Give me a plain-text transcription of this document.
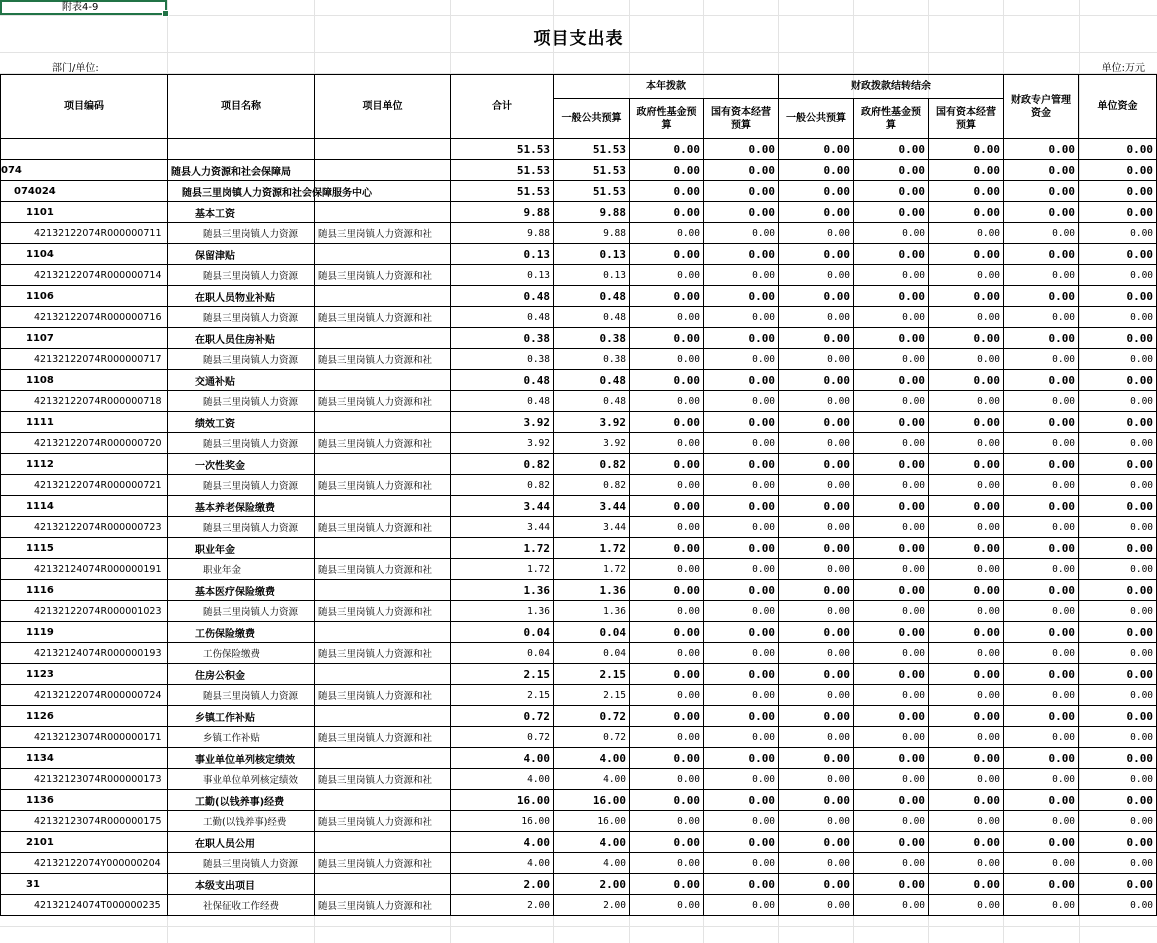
附表4-9
项目支出表
部门/单位:	单位:万元
项目编码	项目名称	项目单位	合计	本年拨款			财政拨款结转结余			财政专户管理资金	单位资金
				一般公共预算	政府性基金预算	国有资本经营预算	一般公共预算	政府性基金预算	国有资本经营预算		
			51.53	51.53	0.00	0.00	0.00	0.00	0.00	0.00	0.00
074	随县人力资源和社会保障局		51.53	51.53	0.00	0.00	0.00	0.00	0.00	0.00	0.00
074024	随县三里岗镇人力资源和社会保障服务中心		51.53	51.53	0.00	0.00	0.00	0.00	0.00	0.00	0.00
1101	基本工资		9.88	9.88	0.00	0.00	0.00	0.00	0.00	0.00	0.00
42132122074R000000711	随县三里岗镇人力资源	随县三里岗镇人力资源和社	9.88	9.88	0.00	0.00	0.00	0.00	0.00	0.00	0.00
1104	保留津贴		0.13	0.13	0.00	0.00	0.00	0.00	0.00	0.00	0.00
42132122074R000000714	随县三里岗镇人力资源	随县三里岗镇人力资源和社	0.13	0.13	0.00	0.00	0.00	0.00	0.00	0.00	0.00
1106	在职人员物业补贴		0.48	0.48	0.00	0.00	0.00	0.00	0.00	0.00	0.00
42132122074R000000716	随县三里岗镇人力资源	随县三里岗镇人力资源和社	0.48	0.48	0.00	0.00	0.00	0.00	0.00	0.00	0.00
1107	在职人员住房补贴		0.38	0.38	0.00	0.00	0.00	0.00	0.00	0.00	0.00
42132122074R000000717	随县三里岗镇人力资源	随县三里岗镇人力资源和社	0.38	0.38	0.00	0.00	0.00	0.00	0.00	0.00	0.00
1108	交通补贴		0.48	0.48	0.00	0.00	0.00	0.00	0.00	0.00	0.00
42132122074R000000718	随县三里岗镇人力资源	随县三里岗镇人力资源和社	0.48	0.48	0.00	0.00	0.00	0.00	0.00	0.00	0.00
1111	绩效工资		3.92	3.92	0.00	0.00	0.00	0.00	0.00	0.00	0.00
42132122074R000000720	随县三里岗镇人力资源	随县三里岗镇人力资源和社	3.92	3.92	0.00	0.00	0.00	0.00	0.00	0.00	0.00
1112	一次性奖金		0.82	0.82	0.00	0.00	0.00	0.00	0.00	0.00	0.00
42132122074R000000721	随县三里岗镇人力资源	随县三里岗镇人力资源和社	0.82	0.82	0.00	0.00	0.00	0.00	0.00	0.00	0.00
1114	基本养老保险缴费		3.44	3.44	0.00	0.00	0.00	0.00	0.00	0.00	0.00
42132122074R000000723	随县三里岗镇人力资源	随县三里岗镇人力资源和社	3.44	3.44	0.00	0.00	0.00	0.00	0.00	0.00	0.00
1115	职业年金		1.72	1.72	0.00	0.00	0.00	0.00	0.00	0.00	0.00
42132124074R000000191	职业年金	随县三里岗镇人力资源和社	1.72	1.72	0.00	0.00	0.00	0.00	0.00	0.00	0.00
1116	基本医疗保险缴费		1.36	1.36	0.00	0.00	0.00	0.00	0.00	0.00	0.00
42132122074R000001023	随县三里岗镇人力资源	随县三里岗镇人力资源和社	1.36	1.36	0.00	0.00	0.00	0.00	0.00	0.00	0.00
1119	工伤保险缴费		0.04	0.04	0.00	0.00	0.00	0.00	0.00	0.00	0.00
42132124074R000000193	工伤保险缴费	随县三里岗镇人力资源和社	0.04	0.04	0.00	0.00	0.00	0.00	0.00	0.00	0.00
1123	住房公积金		2.15	2.15	0.00	0.00	0.00	0.00	0.00	0.00	0.00
42132122074R000000724	随县三里岗镇人力资源	随县三里岗镇人力资源和社	2.15	2.15	0.00	0.00	0.00	0.00	0.00	0.00	0.00
1126	乡镇工作补贴		0.72	0.72	0.00	0.00	0.00	0.00	0.00	0.00	0.00
42132123074R000000171	乡镇工作补贴	随县三里岗镇人力资源和社	0.72	0.72	0.00	0.00	0.00	0.00	0.00	0.00	0.00
1134	事业单位单列核定绩效		4.00	4.00	0.00	0.00	0.00	0.00	0.00	0.00	0.00
42132123074R000000173	事业单位单列核定绩效	随县三里岗镇人力资源和社	4.00	4.00	0.00	0.00	0.00	0.00	0.00	0.00	0.00
1136	工勤(以钱养事)经费		16.00	16.00	0.00	0.00	0.00	0.00	0.00	0.00	0.00
42132123074R000000175	工勤(以钱养事)经费	随县三里岗镇人力资源和社	16.00	16.00	0.00	0.00	0.00	0.00	0.00	0.00	0.00
2101	在职人员公用		4.00	4.00	0.00	0.00	0.00	0.00	0.00	0.00	0.00
42132122074Y000000204	随县三里岗镇人力资源	随县三里岗镇人力资源和社	4.00	4.00	0.00	0.00	0.00	0.00	0.00	0.00	0.00
31	本级支出项目		2.00	2.00	0.00	0.00	0.00	0.00	0.00	0.00	0.00
42132124074T000000235	社保征收工作经费	随县三里岗镇人力资源和社	2.00	2.00	0.00	0.00	0.00	0.00	0.00	0.00	0.00
